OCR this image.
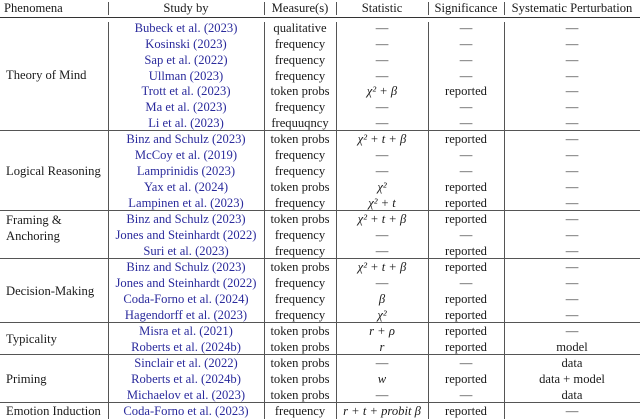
Phenomena	Study by	Measure(s)	Statistic	Significance	Systematic Perturbation
Theory of Mind
Bubeck et al. (2023)	qualitative	—	—	—
Kosinski (2023)	frequency	—	—	—
Sap et al. (2022)	frequency	—	—	—
Ullman (2023)	frequency	—	—	—
Trott et al. (2023)	token probs	χ² + β	reported	—
Ma et al. (2023)	frequency	—	—	—
Li et al. (2023)	frequuqncy	—	—	—
Logical Reasoning
Binz and Schulz (2023)	token probs	χ² + t + β	reported	—
McCoy et al. (2019)	frequency	—	—	—
Lamprinidis (2023)	frequency	—	—	—
Yax et al. (2024)	token probs	χ²	reported	—
Lampinen et al. (2023)	frequency	χ² + t	reported	—
Framing &
Anchoring
Binz and Schulz (2023)	token probs	χ² + t + β	reported	—
Jones and Steinhardt (2022)	frequency	—	—	—
Suri et al. (2023)	frequency	—	reported	—
Decision-Making
Binz and Schulz (2023)	token probs	χ² + t + β	reported	—
Jones and Steinhardt (2022)	frequency	—	—	—
Coda-Forno et al. (2024)	frequency	β	reported	—
Hagendorff et al. (2023)	frequency	χ²	reported	—
Typicality
Misra et al. (2021)	token probs	r + ρ	reported	—
Roberts et al. (2024b)	token probs	r	reported	model
Priming
Sinclair et al. (2022)	token probs	—	—	data
Roberts et al. (2024b)	token probs	w	reported	data + model
Michaelov et al. (2023)	token probs	—	—	data
Emotion Induction	Coda-Forno et al. (2023)	frequency	r + t + probit β	reported	—
